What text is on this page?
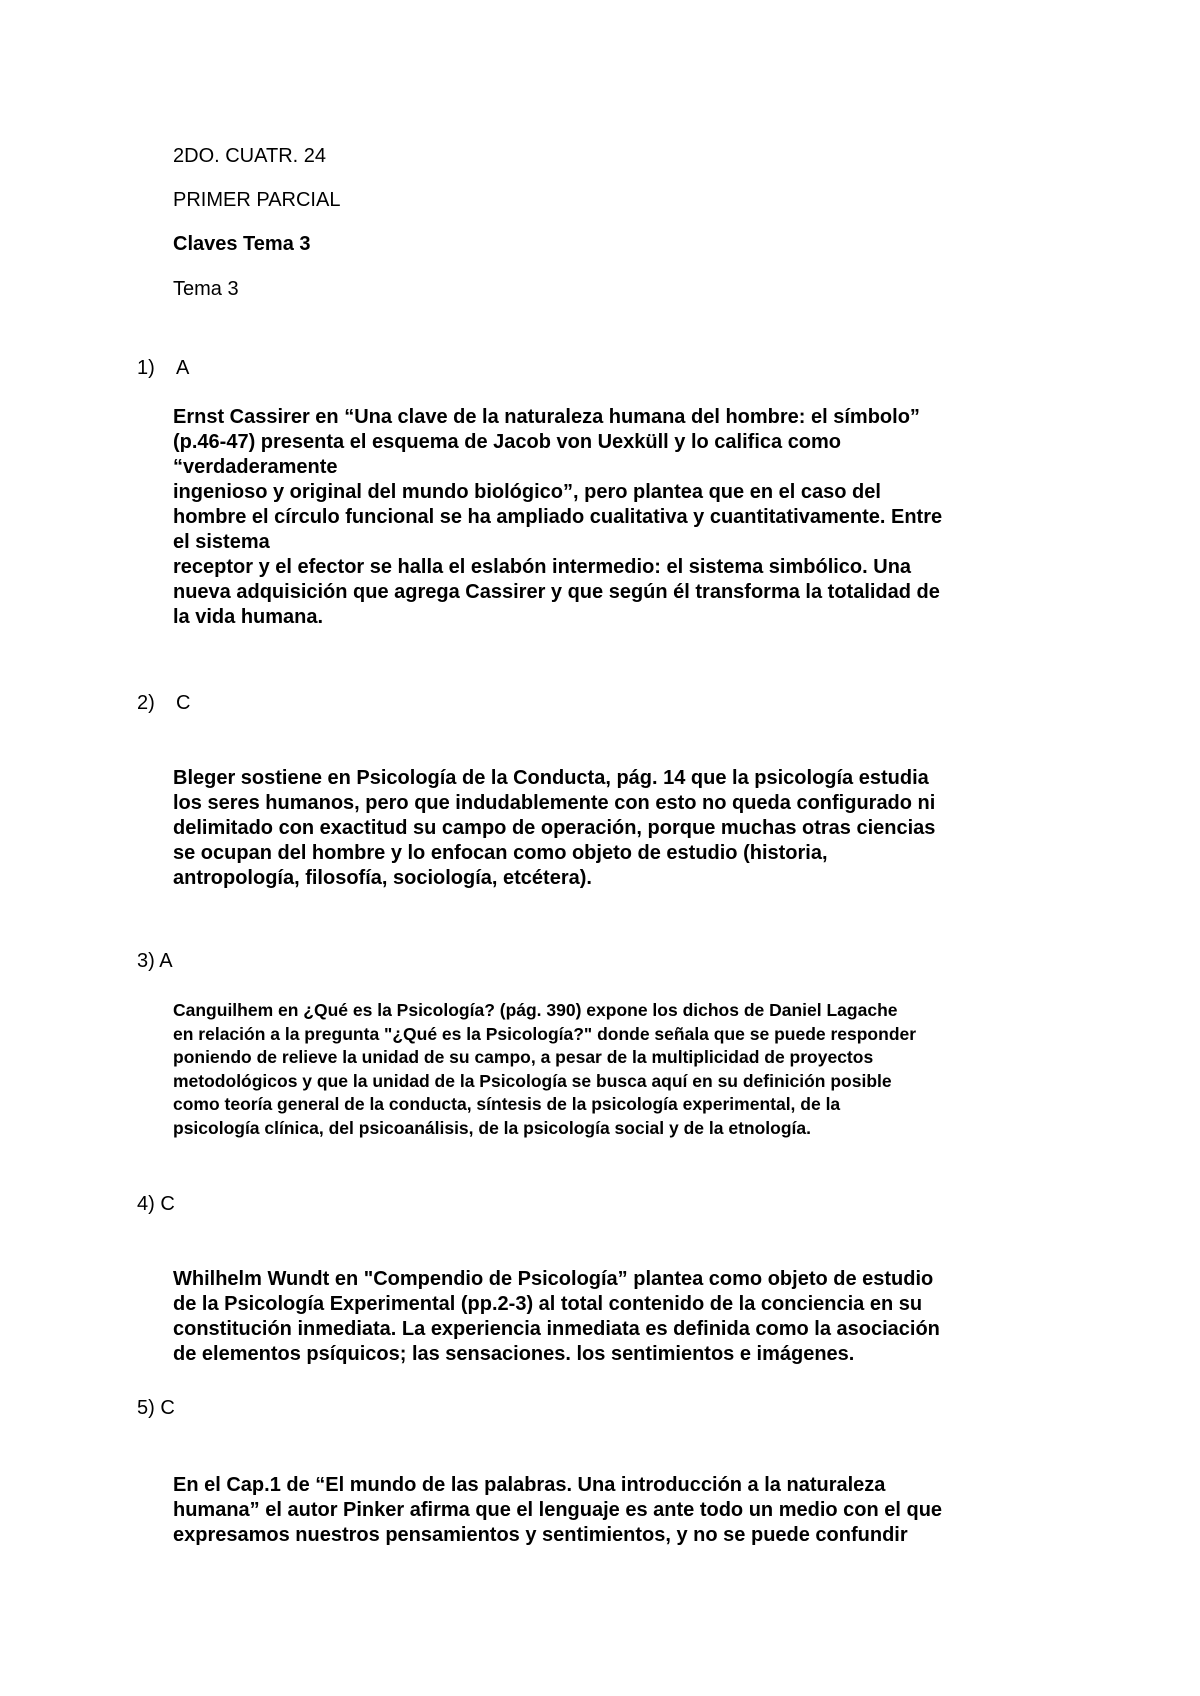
2DO. CUATR. 24

PRIMER PARCIAL

Claves Tema 3

Tema 3

1) A

Ernst Cassirer en “Una clave de la naturaleza humana del hombre: el símbolo”
(p.46-47) presenta el esquema de Jacob von Uexküll y lo califica como
“verdaderamente
ingenioso y original del mundo biológico”, pero plantea que en el caso del
hombre el círculo funcional se ha ampliado cualitativa y cuantitativamente. Entre
el sistema
receptor y el efector se halla el eslabón intermedio: el sistema simbólico. Una
nueva adquisición que agrega Cassirer y que según él transforma la totalidad de
la vida humana.

2) C

Bleger sostiene en Psicología de la Conducta, pág. 14 que la psicología estudia
los seres humanos, pero que indudablemente con esto no queda configurado ni
delimitado con exactitud su campo de operación, porque muchas otras ciencias
se ocupan del hombre y lo enfocan como objeto de estudio (historia,
antropología, filosofía, sociología, etcétera).

3) A

Canguilhem en ¿Qué es la Psicología? (pág. 390) expone los dichos de Daniel Lagache
en relación a la pregunta "¿Qué es la Psicología?" donde señala que se puede responder
poniendo de relieve la unidad de su campo, a pesar de la multiplicidad de proyectos
metodológicos y que la unidad de la Psicología se busca aquí en su definición posible
como teoría general de la conducta, síntesis de la psicología experimental, de la
psicología clínica, del psicoanálisis, de la psicología social y de la etnología.

4) C

Whilhelm Wundt en "Compendio de Psicología” plantea como objeto de estudio
de la Psicología Experimental (pp.2-3) al total contenido de la conciencia en su
constitución inmediata. La experiencia inmediata es definida como la asociación
de elementos psíquicos; las sensaciones. los sentimientos e imágenes.

5) C

En el Cap.1 de “El mundo de las palabras. Una introducción a la naturaleza
humana” el autor Pinker afirma que el lenguaje es ante todo un medio con el que
expresamos nuestros pensamientos y sentimientos, y no se puede confundir
